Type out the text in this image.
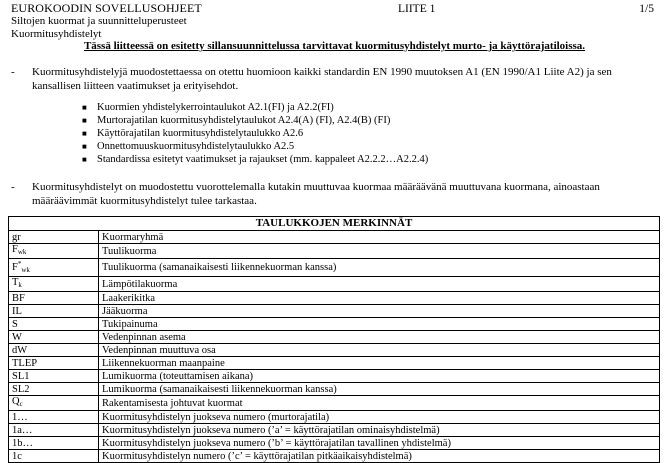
EUROKOODIN SOVELLUSOHJEET
Siltojen kuormat ja suunnitteluperusteet
Kuormitusyhdistelyt
LIITE 1	1/5
Tässä liitteessä on esitetty sillansuunnittelussa tarvittavat kuormitusyhdistelyt murto- ja käyttörajatiloissa.
- Kuormitusyhdistelyjä muodostettaessa on otettu huomioon kaikki standardin EN 1990 muutoksen A1 (EN 1990/A1 Liite A2) ja sen kansallisen liitteen vaatimukset ja erityisehdot.
■ Kuormien yhdistelykerrointaulukot A2.1(FI) ja A2.2(FI)
■ Murtorajatilan kuormitusyhdistelytaulukot A2.4(A) (FI), A2.4(B) (FI)
■ Käyttörajatilan kuormitusyhdistelytaulukko A2.6
■ Onnettomuuskuormitusyhdistelytaulukko A2.5
■ Standardissa esitetyt vaatimukset ja rajaukset (mm. kappaleet A2.2.2…A2.2.4)
- Kuormitusyhdistelyt on muodostettu vuorottelemalla kutakin muuttuvaa kuormaa määräävänä muuttuvana kuormana, ainoastaan määräävimmät kuormitusyhdistelyt tulee tarkastaa.
TAULUKKOJEN MERKINNÄT	
gr	Kuormaryhmä
$F_{wk}$	Tuulikuorma
$F^*_{wk}$	Tuulikuorma (samanaikaisesti liikennekuorman kanssa)
$T_k$	Lämpötilakuorma
BF	Laakerikitka
IL	Jääkuorma
S	Tukipainuma
W	Vedenpinnan asema
dW	Vedenpinnan muuttuva osa
TLEP	Liikennekuorman maanpaine
SL1	Lumikuorma (toteuttamisen aikana)
SL2	Lumikuorma (samanaikaisesti liikennekuorman kanssa)
$Q_c$	Rakentamisesta johtuvat kuormat
1…	Kuormitusyhdistelyn juokseva numero (murtorajatila)
1a…	Kuormitusyhdistelyn juokseva numero (’a’ = käyttörajatilan ominaisyhdistelmä)
1b…	Kuormitusyhdistelyn juokseva numero (’b’ = käyttörajatilan tavallinen yhdistelmä)
1c	Kuormitusyhdistelyn numero (’c’ = käyttörajatilan pitkäaikaisyhdistelmä)
